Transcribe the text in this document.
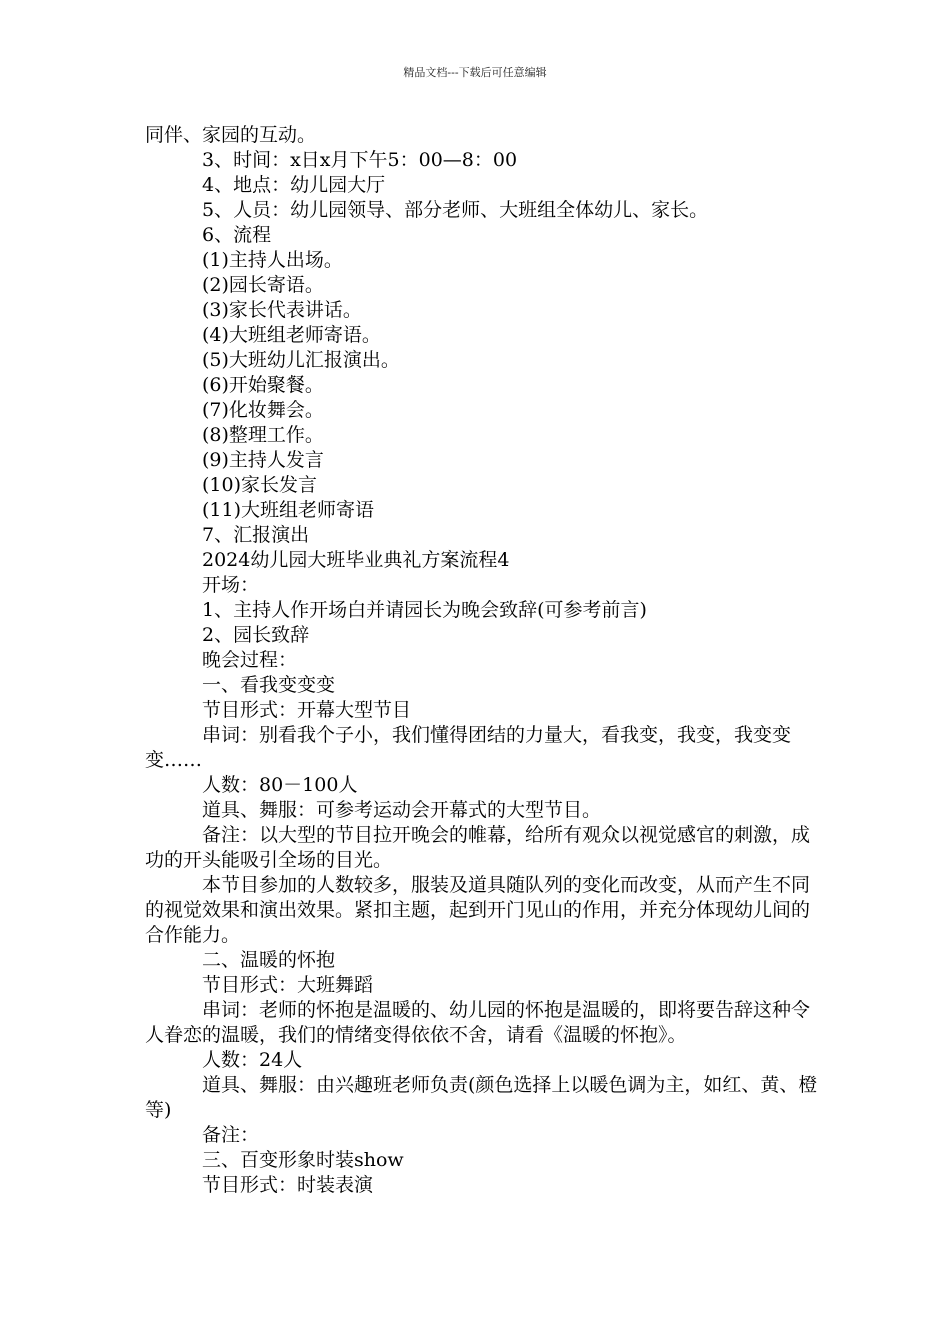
精品文档---下载后可任意编辑

同伴、家园的互动。

3、时间：x日x月下午5：00—8：00

4、地点：幼儿园大厅

5、人员：幼儿园领导、部分老师、大班组全体幼儿、家长。

6、流程

(1)主持人出场。

(2)园长寄语。

(3)家长代表讲话。

(4)大班组老师寄语。

(5)大班幼儿汇报演出。

(6)开始聚餐。

(7)化妆舞会。

(8)整理工作。

(9)主持人发言

(10)家长发言

(11)大班组老师寄语

7、汇报演出

2024幼儿园大班毕业典礼方案流程4

开场：

1、主持人作开场白并请园长为晚会致辞(可参考前言)

2、园长致辞

晚会过程：

一、看我变变变

节目形式：开幕大型节目

串词：别看我个子小，我们懂得团结的力量大，看我变，我变，我变变变……

人数：80－100人

道具、舞服：可参考运动会开幕式的大型节目。

备注：以大型的节目拉开晚会的帷幕，给所有观众以视觉感官的刺激，成功的开头能吸引全场的目光。

本节目参加的人数较多，服装及道具随队列的变化而改变，从而产生不同的视觉效果和演出效果。紧扣主题，起到开门见山的作用，并充分体现幼儿间的合作能力。

二、温暖的怀抱

节目形式：大班舞蹈

串词：老师的怀抱是温暖的、幼儿园的怀抱是温暖的，即将要告辞这种令人眷恋的温暖，我们的情绪变得依依不舍，请看《温暖的怀抱》。

人数：24人

道具、舞服：由兴趣班老师负责(颜色选择上以暖色调为主，如红、黄、橙等)

备注：

三、百变形象时装show

节目形式：时装表演
